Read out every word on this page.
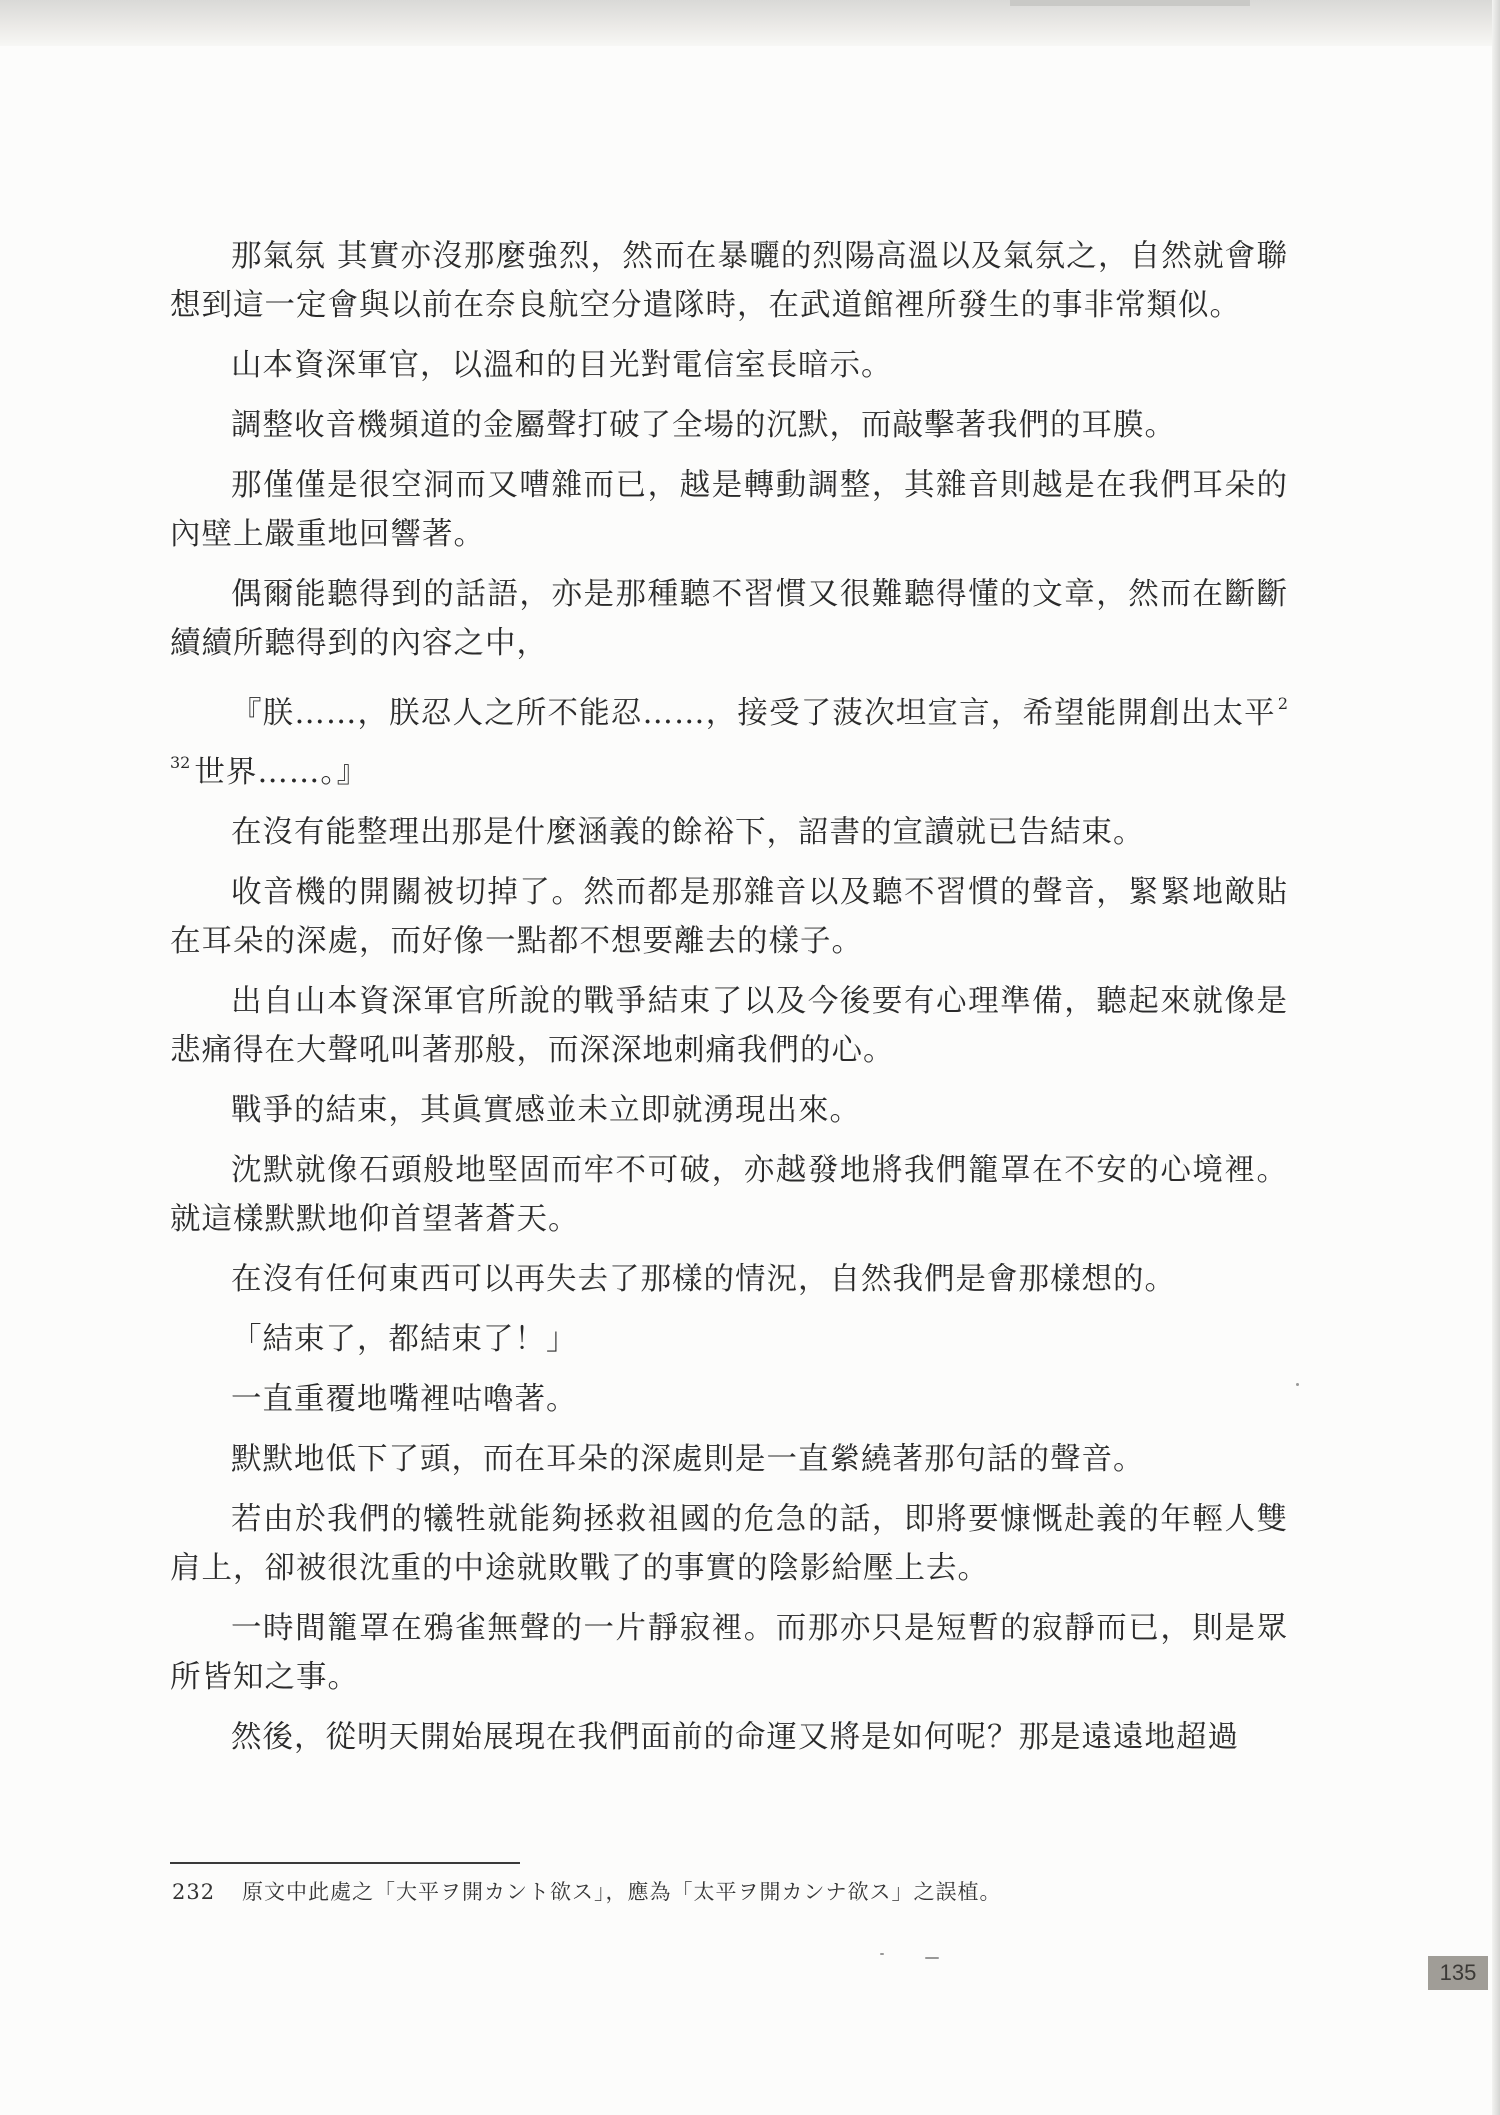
那氣氛 其實亦沒那麼強烈，然而在暴曬的烈陽高溫以及氣氛之，自然就會聯想到這一定會與以前在奈良航空分遣隊時，在武道館裡所發生的事非常類似。

山本資深軍官，以溫和的目光對電信室長暗示。

調整收音機頻道的金屬聲打破了全場的沉默，而敲擊著我們的耳膜。

那僅僅是很空洞而又嘈雜而已，越是轉動調整，其雜音則越是在我們耳朵的內壁上嚴重地回響著。

偶爾能聽得到的話語，亦是那種聽不習慣又很難聽得懂的文章，然而在斷斷續續所聽得到的內容之中，

『朕……，朕忍人之所不能忍……，接受了菠次坦宣言，希望能開創出太平 $^{232}$ 世界……。』

在沒有能整理出那是什麼涵義的餘裕下，詔書的宣讀就已告結束。

收音機的開關被切掉了。然而都是那雜音以及聽不習慣的聲音，緊緊地敵貼在耳朵的深處，而好像一點都不想要離去的樣子。

出自山本資深軍官所說的戰爭結束了以及今後要有心理準備，聽起來就像是悲痛得在大聲吼叫著那般，而深深地刺痛我們的心。

戰爭的結束，其眞實感並未立即就湧現出來。

沈默就像石頭般地堅固而牢不可破，亦越發地將我們籠罩在不安的心境裡。就這樣默默地仰首望著蒼天。

在沒有任何東西可以再失去了那樣的情況，自然我們是會那樣想的。

「結束了，都結束了！」

一直重覆地嘴裡咕嚕著。

默默地低下了頭，而在耳朵的深處則是一直縈繞著那句話的聲音。

若由於我們的犧牲就能夠拯救祖國的危急的話，即將要慷慨赴義的年輕人雙肩上，卻被很沈重的中途就敗戰了的事實的陰影給壓上去。

一時間籠罩在鴉雀無聲的一片靜寂裡。而那亦只是短暫的寂靜而已，則是眾所皆知之事。

然後，從明天開始展現在我們面前的命運又將是如何呢？那是遠遠地超過

232 原文中此處之「大平ヲ開カント欲ス」，應為「太平ヲ開カンナ欲ス」之誤植。
135
